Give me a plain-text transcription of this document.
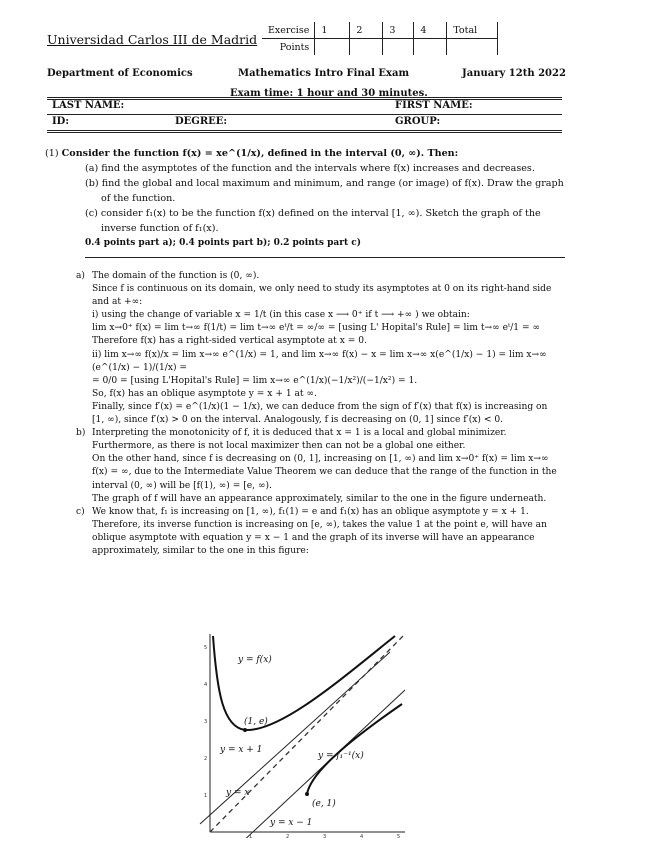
Universidad Carlos III de Madrid
Exercise	1	2	3	4	Total	
Points						
Department of Economics	Mathematics Intro Final Exam	January 12th 2022
Exam time: 1 hour and 30 minutes.
LAST NAME:	FIRST NAME:
ID:	DEGREE:	GROUP:
(1) Consider the function f(x) = xe^(1/x), defined in the interval (0, ∞). Then:
(a) find the asymptotes of the function and the intervals where f(x) increases and decreases.
(b) find the global and local maximum and minimum, and range (or image) of f(x). Draw the graph of the function.
(c) consider f₁(x) to be the function f(x) defined on the interval [1, ∞). Sketch the graph of the inverse function of f₁(x).
0.4 points part a); 0.4 points part b); 0.2 points part c)
a) The domain of the function is (0, ∞).

Since f is continuous on its domain, we only need to study its asymptotes at 0 on its right-hand side and at +∞:

i) using the change of variable x = 1/t (in this case x ⟶ 0⁺ if t ⟶ +∞ ) we obtain:

lim x→0⁺ f(x) = lim t→∞ f(1/t) = lim t→∞ eᵗ/t = ∞/∞ = [using L' Hopital's Rule] = lim t→∞ eᵗ/1 = ∞

Therefore f(x) has a right-sided vertical asymptote at x = 0.

ii) lim x→∞ f(x)/x = lim x→∞ e^(1/x) = 1, and lim x→∞ f(x) − x = lim x→∞ x(e^(1/x) − 1) = lim x→∞ (e^(1/x) − 1)/(1/x) =

= 0/0 = [using L'Hopital's Rule] = lim x→∞ e^(1/x)(−1/x²)/(−1/x²) = 1.

So, f(x) has an oblique asymptote y = x + 1 at ∞.

Finally, since f′(x) = e^(1/x)(1 − 1/x), we can deduce from the sign of f′(x) that f(x) is increasing on [1, ∞), since f′(x) > 0 on the interval. Analogously, f is decreasing on (0, 1] since f′(x) < 0.

b) Interpreting the monotonicity of f, it is deduced that x = 1 is a local and global minimizer. Furthermore, as there is not local maximizer then can not be a global one either.

On the other hand, since f is decreasing on (0, 1], increasing on [1, ∞) and lim x→0⁺ f(x) = lim x→∞ f(x) = ∞, due to the Intermediate Value Theorem we can deduce that the range of the function in the interval (0, ∞) will be [f(1), ∞) = [e, ∞).

The graph of f will have an appearance approximately, similar to the one in the figure underneath.

c) We know that, f₁ is increasing on [1, ∞), f₁(1) = e and f₁(x) has an oblique asymptote y = x + 1. Therefore, its inverse function is increasing on [e, ∞), takes the value 1 at the point e, will have an oblique asymptote with equation y = x − 1 and the graph of its inverse will have an appearance approximately, similar to the one in this figure:

1	2	3	4	5
1
2
3
4
5
y = f(x)
(1, e)
y = x + 1
y = x
y = f₁⁻¹(x)
(e, 1)
y = x − 1
